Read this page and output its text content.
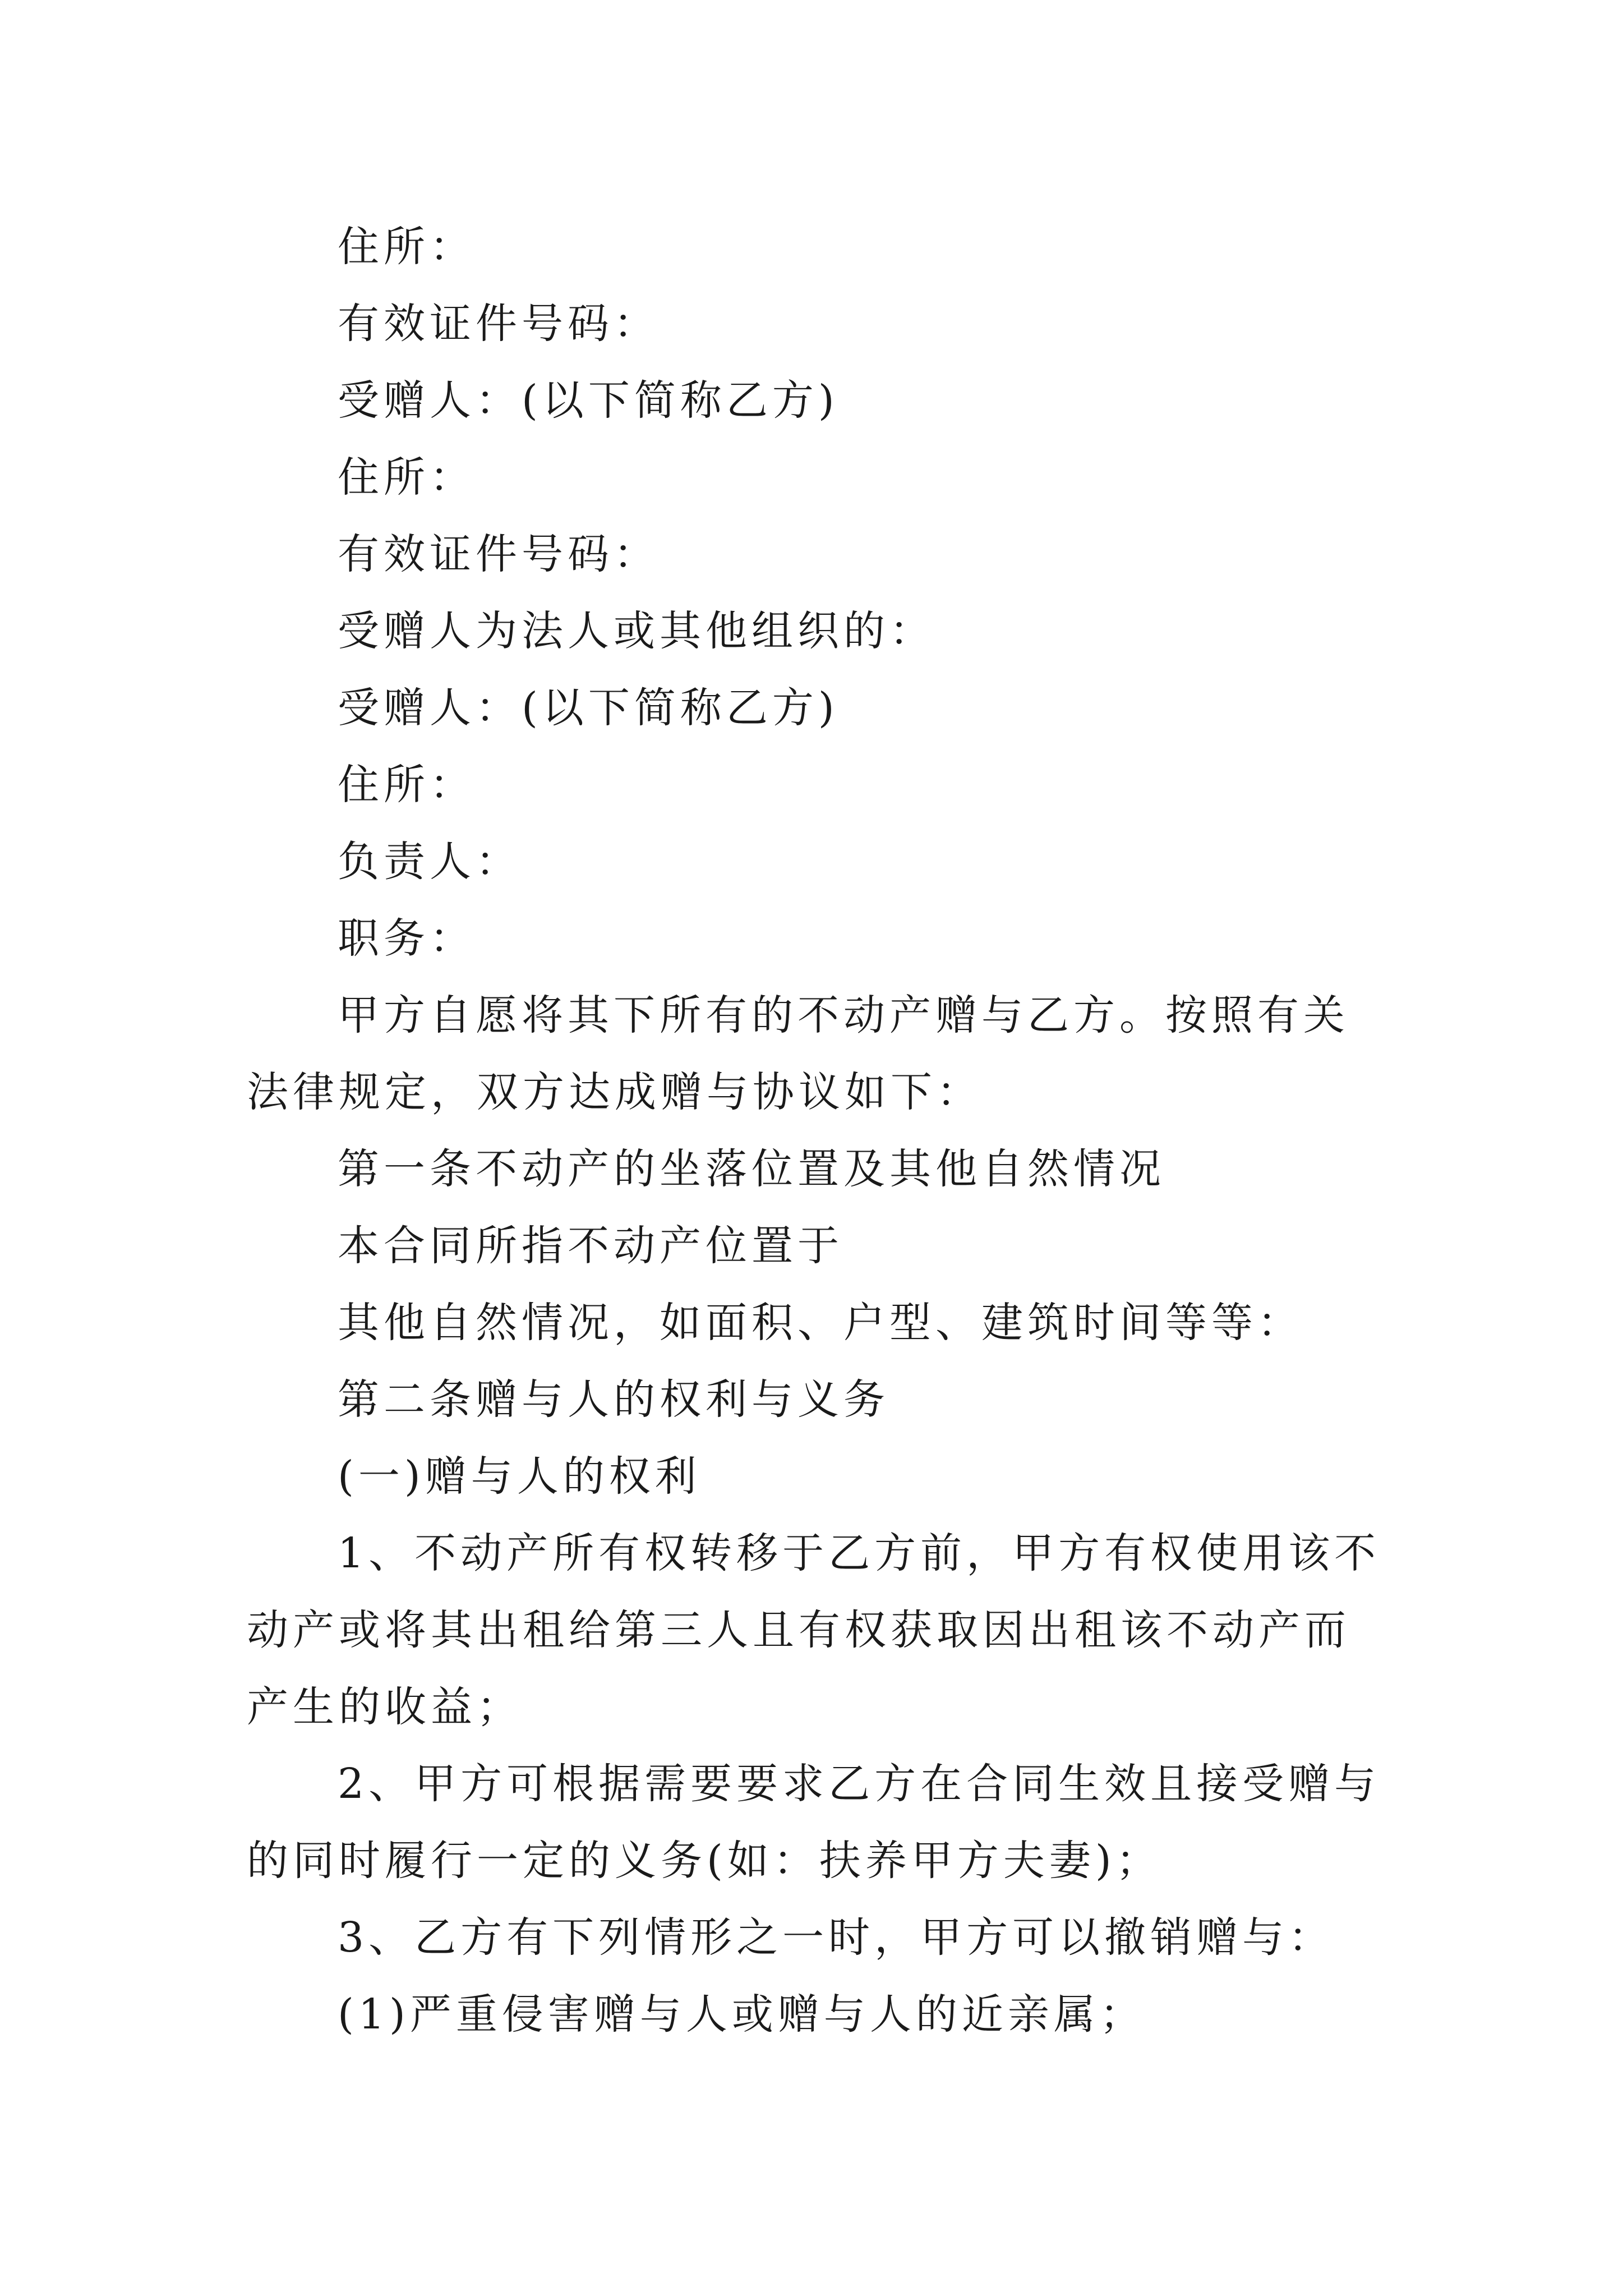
住所：

有效证件号码：

受赠人：(以下简称乙方)

住所：

有效证件号码：

受赠人为法人或其他组织的：

受赠人：(以下简称乙方)

住所：

负责人：

职务：

甲方自愿将其下所有的不动产赠与乙方。按照有关法律规定，双方达成赠与协议如下：

第一条不动产的坐落位置及其他自然情况

本合同所指不动产位置于

其他自然情况，如面积、户型、建筑时间等等：

第二条赠与人的权利与义务

(一)赠与人的权利

1、不动产所有权转移于乙方前，甲方有权使用该不动产或将其出租给第三人且有权获取因出租该不动产而产生的收益；

2、甲方可根据需要要求乙方在合同生效且接受赠与的同时履行一定的义务(如：扶养甲方夫妻)；

3、乙方有下列情形之一时，甲方可以撤销赠与：

(1)严重侵害赠与人或赠与人的近亲属；
